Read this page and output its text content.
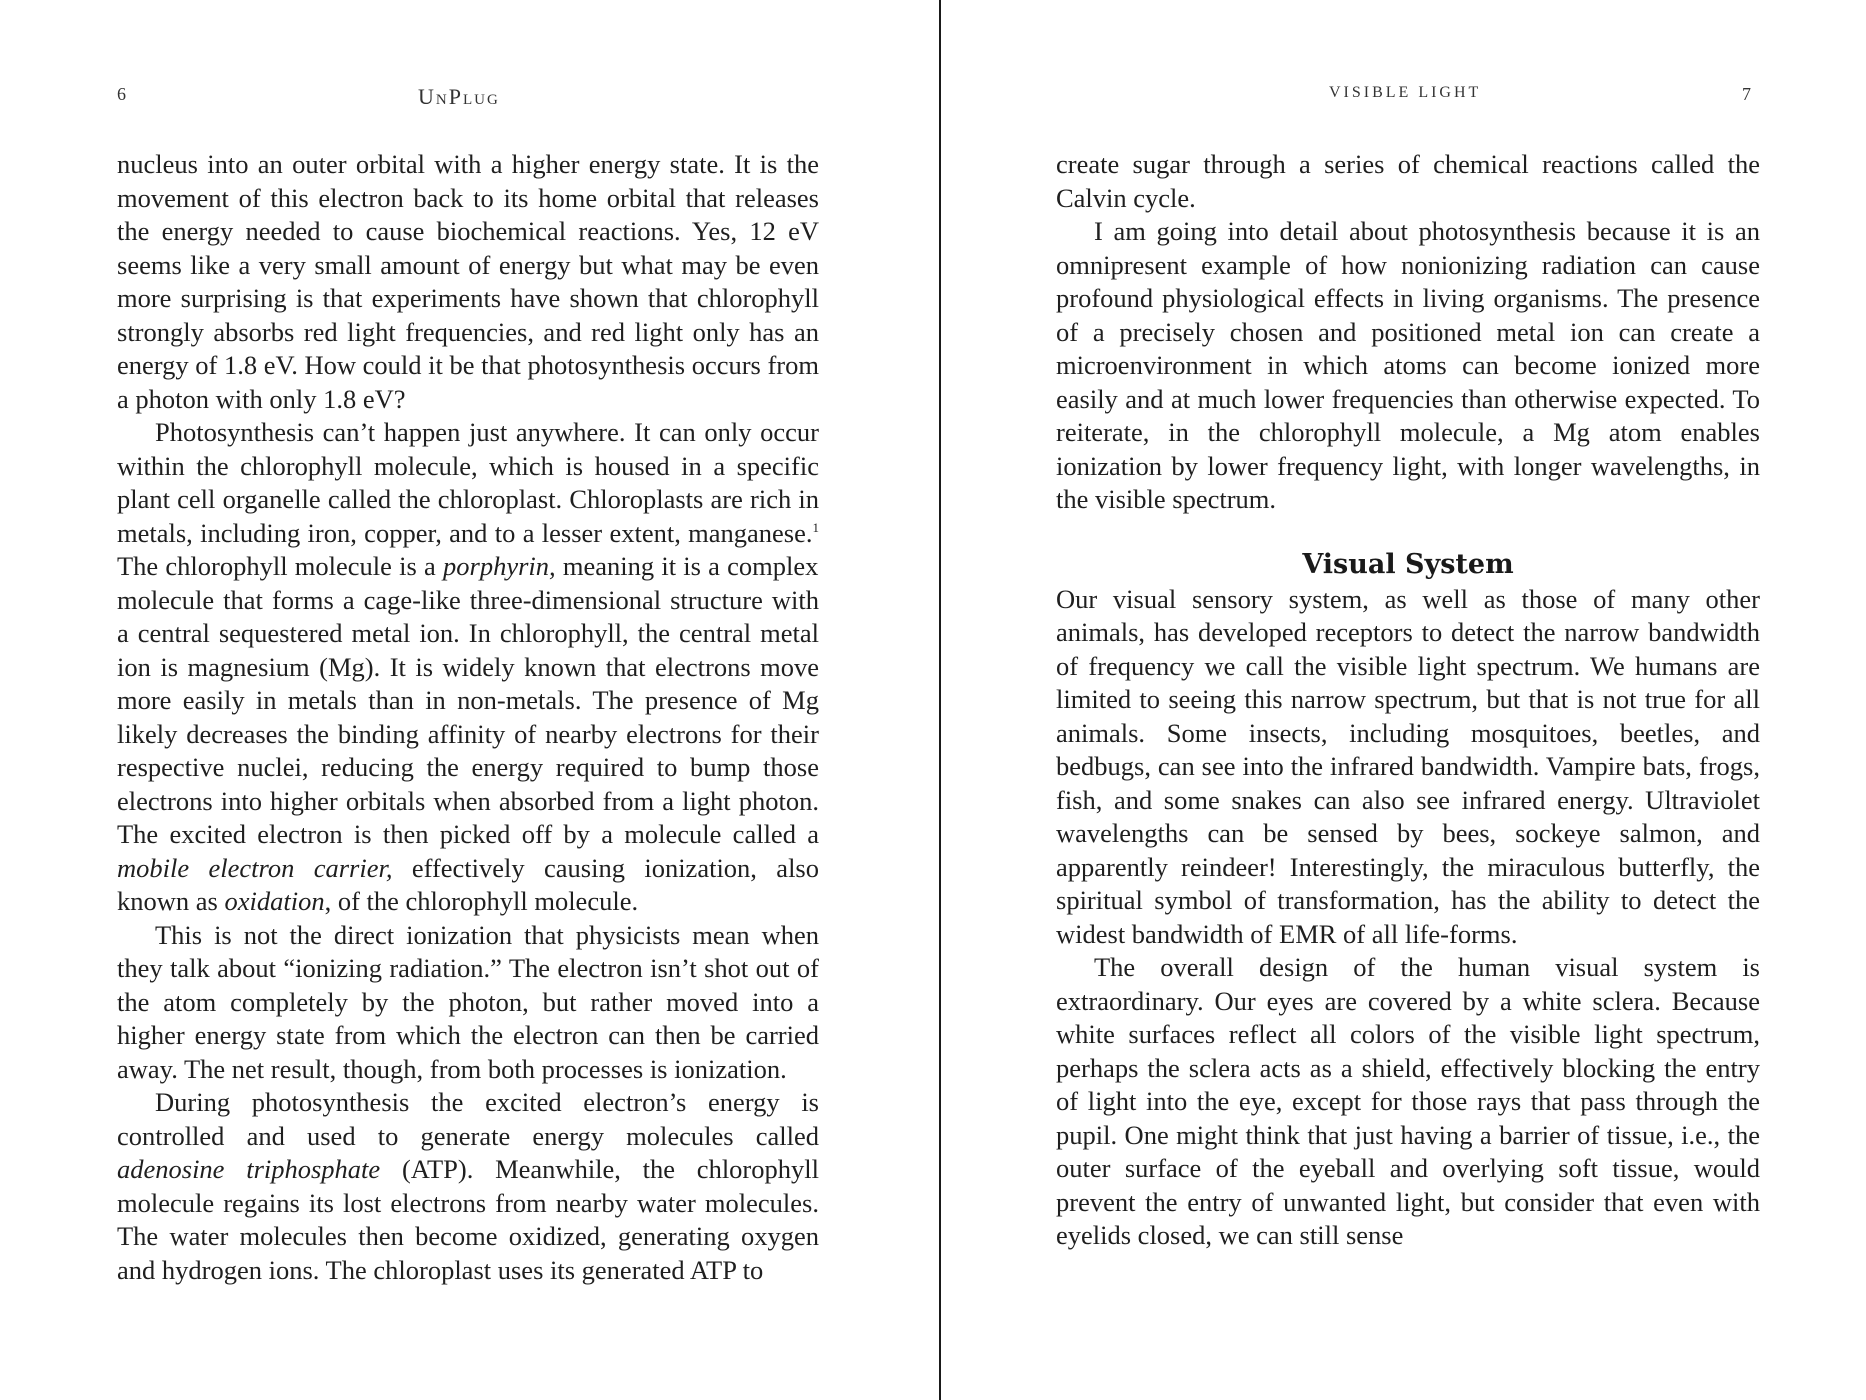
6	UnPlug

nucleus into an outer orbital with a higher energy state. It is the movement of this electron back to its home orbital that releases the energy needed to cause biochemical reactions. Yes, 12 eV seems like a very small amount of energy but what may be even more surprising is that experiments have shown that chlorophyll strongly absorbs red light frequencies, and red light only has an energy of 1.8 eV. How could it be that photosynthesis occurs from a photon with only 1.8 eV?

Photosynthesis can’t happen just anywhere. It can only occur within the chlorophyll molecule, which is housed in a specific plant cell organelle called the chloroplast. Chloroplasts are rich in metals, including iron, copper, and to a lesser extent, manganese.$^1$ The chlorophyll molecule is a porphyrin, meaning it is a complex molecule that forms a cage-like three-dimensional structure with a central sequestered metal ion. In chlorophyll, the central metal ion is magnesium (Mg). It is widely known that electrons move more easily in metals than in non-metals. The presence of Mg likely decreases the binding affinity of nearby electrons for their respective nuclei, reducing the energy required to bump those electrons into higher orbitals when absorbed from a light photon. The excited electron is then picked off by a molecule called a mobile electron carrier, effectively causing ionization, also known as oxidation, of the chlorophyll molecule.

This is not the direct ionization that physicists mean when they talk about “ionizing radiation.” The electron isn’t shot out of the atom completely by the photon, but rather moved into a higher energy state from which the electron can then be carried away. The net result, though, from both processes is ionization.

During photosynthesis the excited electron’s energy is controlled and used to generate energy molecules called adenosine triphosphate (ATP). Meanwhile, the chlorophyll molecule regains its lost electrons from nearby water molecules. The water molecules then become oxidized, generating oxygen and hydrogen ions. The chloroplast uses its generated ATP to

VISIBLE LIGHT	7

create sugar through a series of chemical reactions called the Calvin cycle.

I am going into detail about photosynthesis because it is an omnipresent example of how nonionizing radiation can cause profound physiological effects in living organisms. The presence of a precisely chosen and positioned metal ion can create a microenvironment in which atoms can become ionized more easily and at much lower frequencies than otherwise expected. To reiterate, in the chlorophyll molecule, a Mg atom enables ionization by lower frequency light, with longer wavelengths, in the visible spectrum.

Visual System

Our visual sensory system, as well as those of many other animals, has developed receptors to detect the narrow bandwidth of frequency we call the visible light spectrum. We humans are limited to seeing this narrow spectrum, but that is not true for all animals. Some insects, including mosquitoes, beetles, and bedbugs, can see into the infrared bandwidth. Vampire bats, frogs, fish, and some snakes can also see infrared energy. Ultraviolet wavelengths can be sensed by bees, sockeye salmon, and apparently reindeer! Interestingly, the miraculous butterfly, the spiritual symbol of transformation, has the ability to detect the widest bandwidth of EMR of all life-forms.

The overall design of the human visual system is extraordinary. Our eyes are covered by a white sclera. Because white surfaces reflect all colors of the visible light spectrum, perhaps the sclera acts as a shield, effectively blocking the entry of light into the eye, except for those rays that pass through the pupil. One might think that just having a barrier of tissue, i.e., the outer surface of the eyeball and overlying soft tissue, would prevent the entry of unwanted light, but consider that even with eyelids closed, we can still sense
